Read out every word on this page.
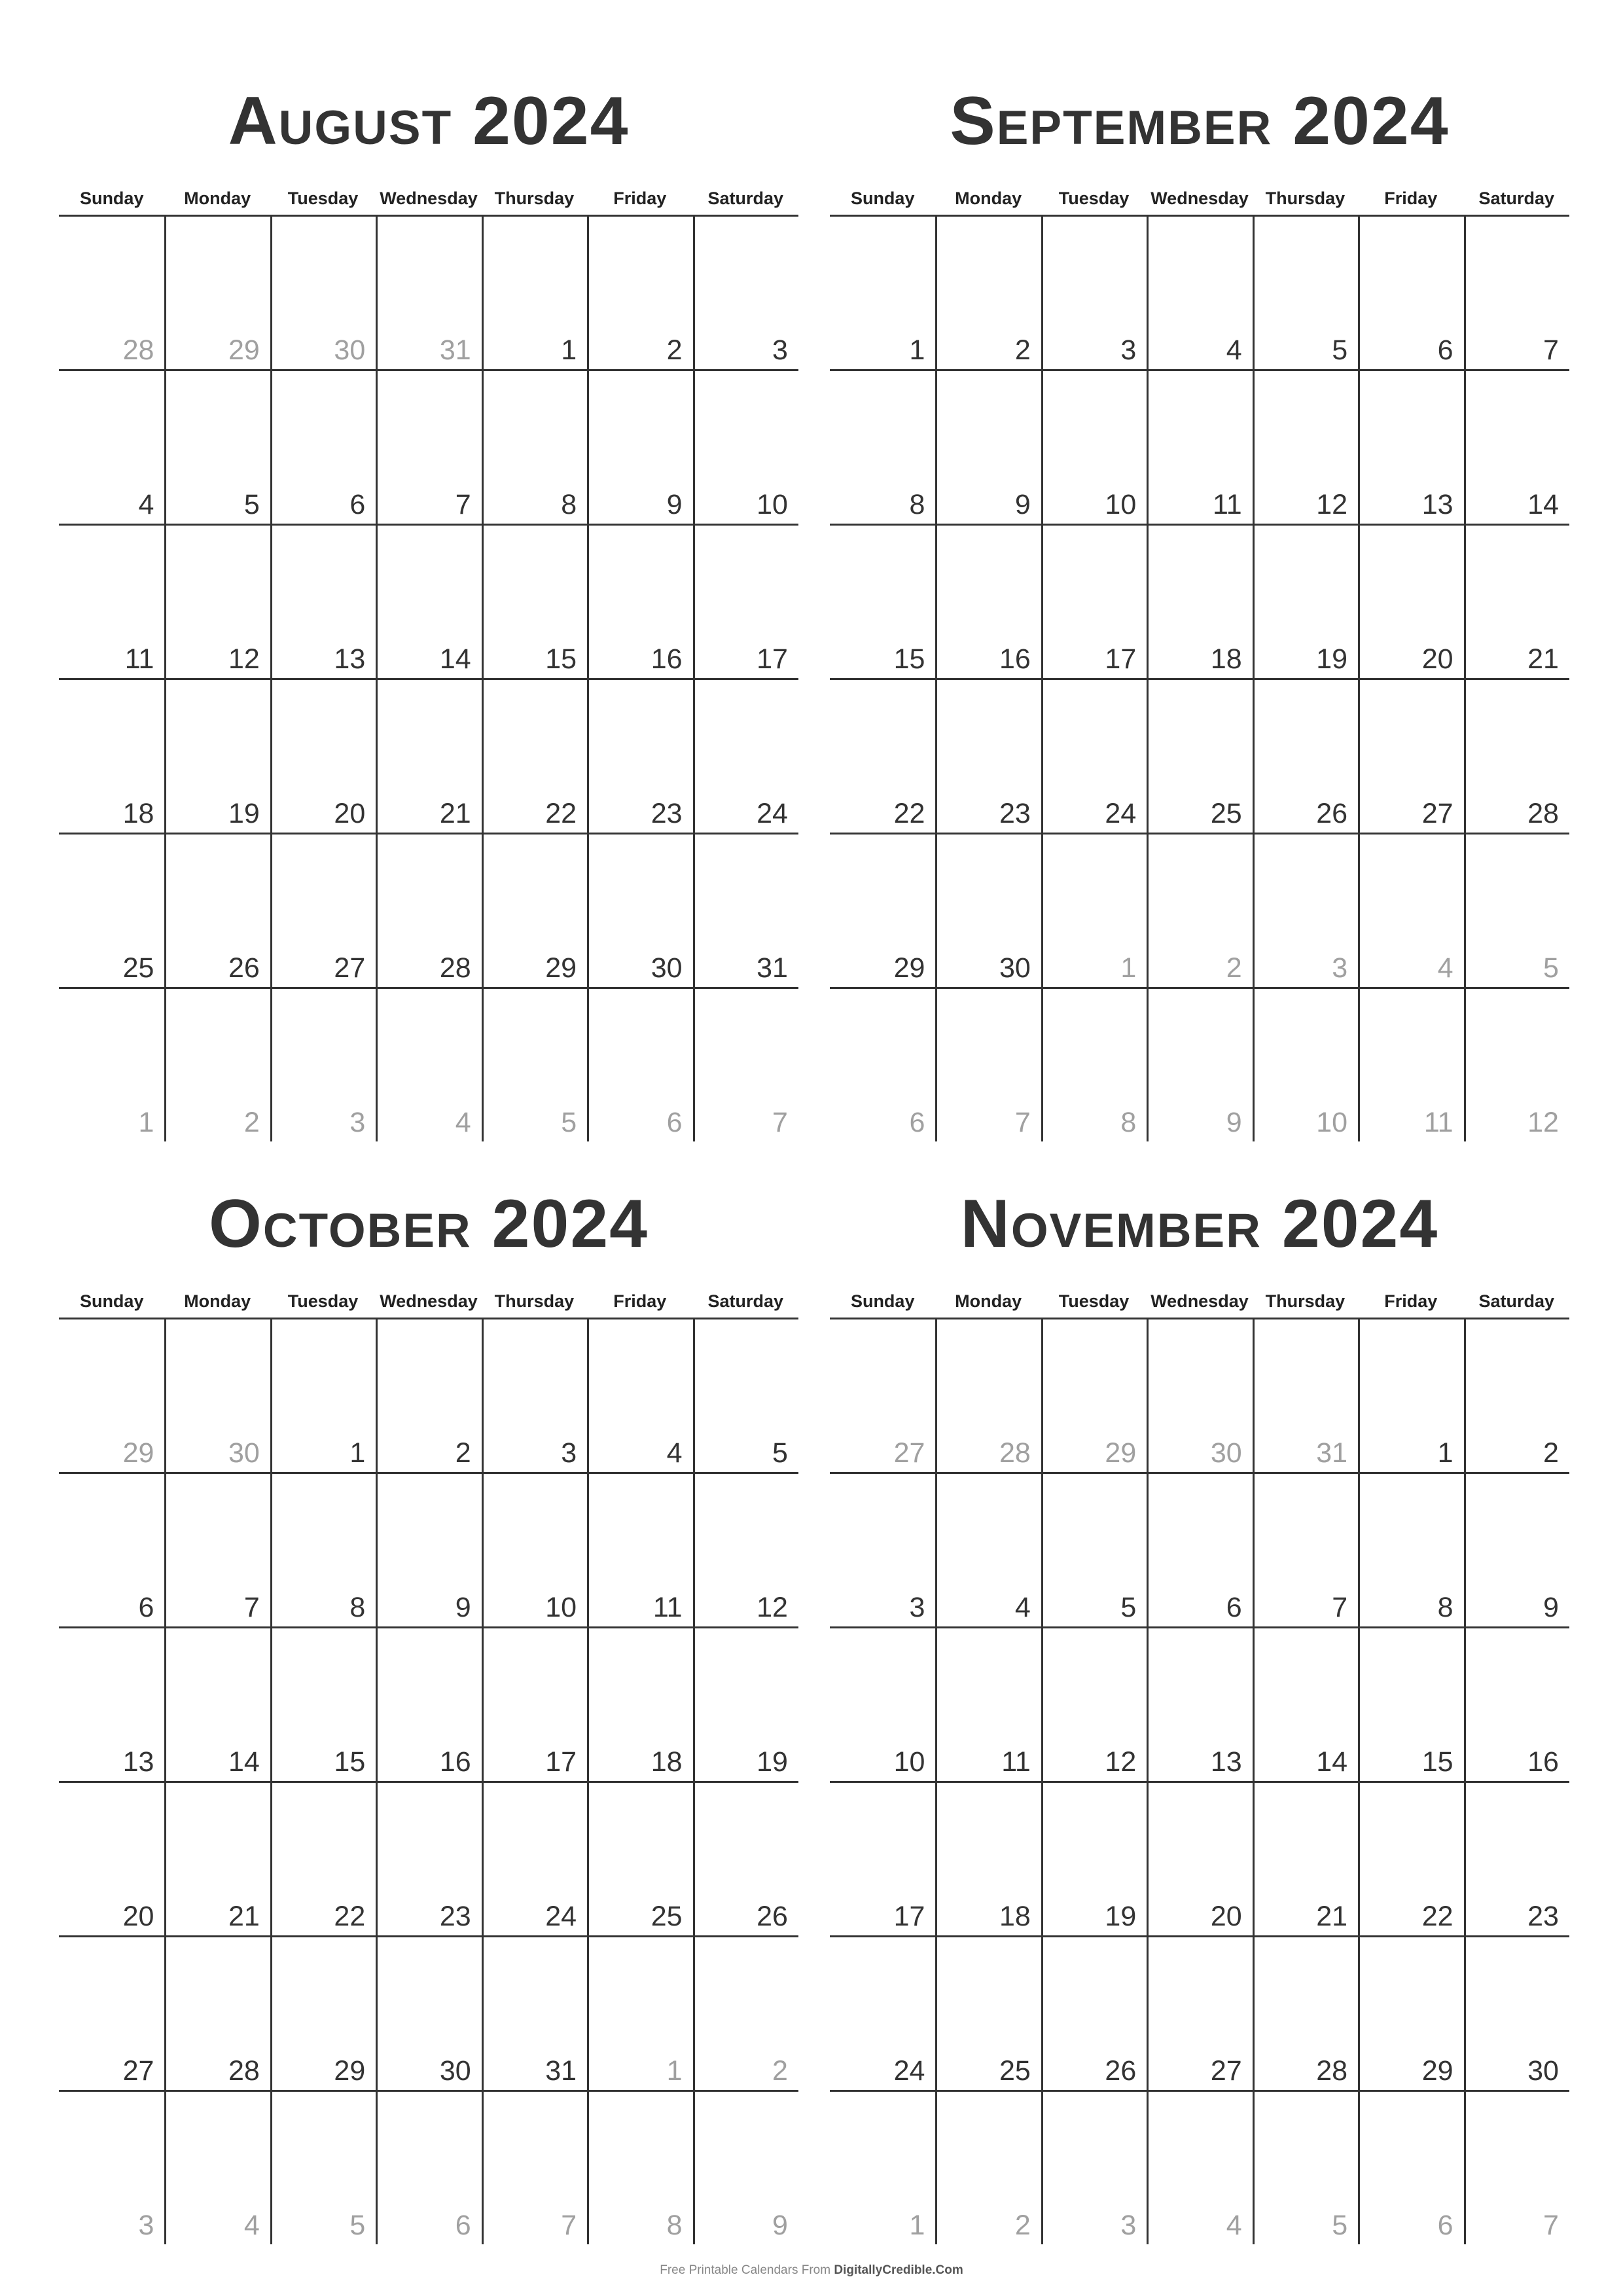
August 2024
Sunday	Monday	Tuesday	Wednesday Thursday	Friday	Saturday
28	29	30	31	1	2	3
4	5	6	7	8	9	10
11	12	13	14	15	16	17
18	19	20	21	22	23	24
25	26	27	28	29	30	31
1	2	3	4	5	6	7
September 2024
Sunday	Monday	Tuesday	Wednesday Thursday	Friday	Saturday
1	2	3	4	5	6	7
8	9	10	11	12	13	14
15	16	17	18	19	20	21
22	23	24	25	26	27	28
29	30	1	2	3	4	5
6	7	8	9	10	11	12
October 2024
Sunday	Monday	Tuesday	Wednesday Thursday	Friday	Saturday
29	30	1	2	3	4	5
6	7	8	9	10	11	12
13	14	15	16	17	18	19
20	21	22	23	24	25	26
27	28	29	30	31	1	2
3	4	5	6	7	8	9
November 2024
Sunday	Monday	Tuesday	Wednesday Thursday	Friday	Saturday
27	28	29	30	31	1	2
3	4	5	6	7	8	9
10	11	12	13	14	15	16
17	18	19	20	21	22	23
24	25	26	27	28	29	30
1	2	3	4	5	6	7
Free Printable Calendars From DigitallyCredible.Com
